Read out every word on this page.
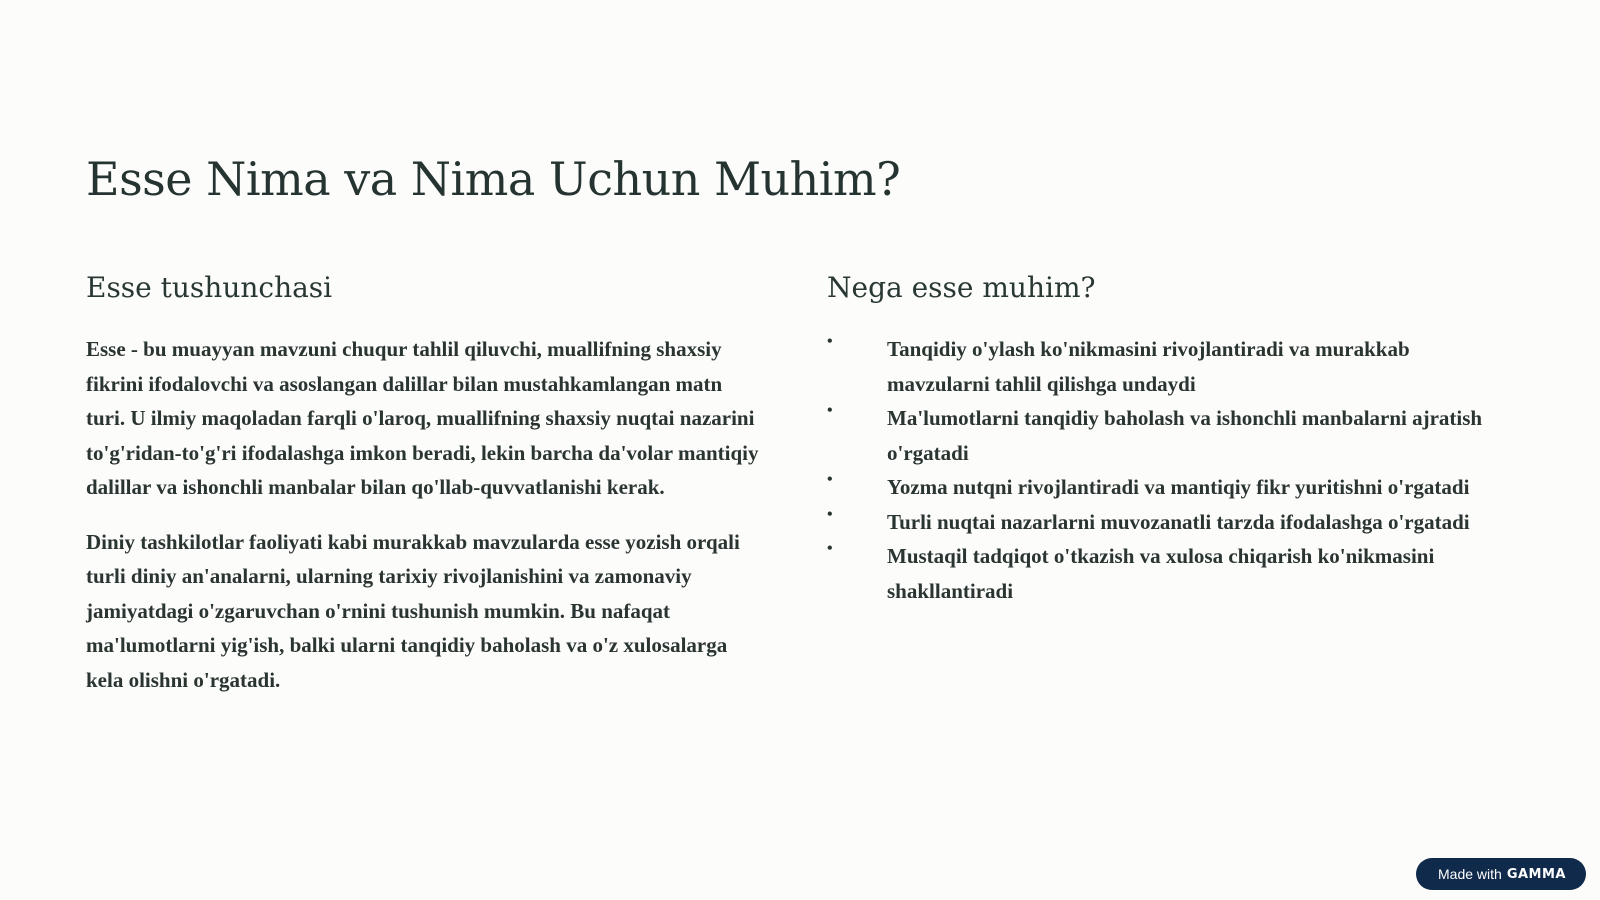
Esse Nima va Nima Uchun Muhim?
Esse tushunchasi

Esse - bu muayyan mavzuni chuqur tahlil qiluvchi, muallifning shaxsiy fikrini ifodalovchi va asoslangan dalillar bilan mustahkamlangan matn turi. U ilmiy maqoladan farqli o'laroq, muallifning shaxsiy nuqtai nazarini to'g'ridan-to'g'ri ifodalashga imkon beradi, lekin barcha da'volar mantiqiy dalillar va ishonchli manbalar bilan qo'llab-quvvatlanishi kerak.

Diniy tashkilotlar faoliyati kabi murakkab mavzularda esse yozish orqali turli diniy an'analarni, ularning tarixiy rivojlanishini va zamonaviy jamiyatdagi o'zgaruvchan o'rnini tushunish mumkin. Bu nafaqat ma'lumotlarni yig'ish, balki ularni tanqidiy baholash va o'z xulosalarga kela olishni o'rgatadi.

Nega esse muhim?
•	Tanqidiy o'ylash ko'nikmasini rivojlantiradi va murakkab mavzularni tahlil qilishga undaydi
•	Ma'lumotlarni tanqidiy baholash va ishonchli manbalarni ajratish o'rgatadi
•	Yozma nutqni rivojlantiradi va mantiqiy fikr yuritishni o'rgatadi
•	Turli nuqtai nazarlarni muvozanatli tarzda ifodalashga o'rgatadi
•	Mustaqil tadqiqot o'tkazish va xulosa chiqarish ko'nikmasini shakllantiradi
Made with GAMMA
